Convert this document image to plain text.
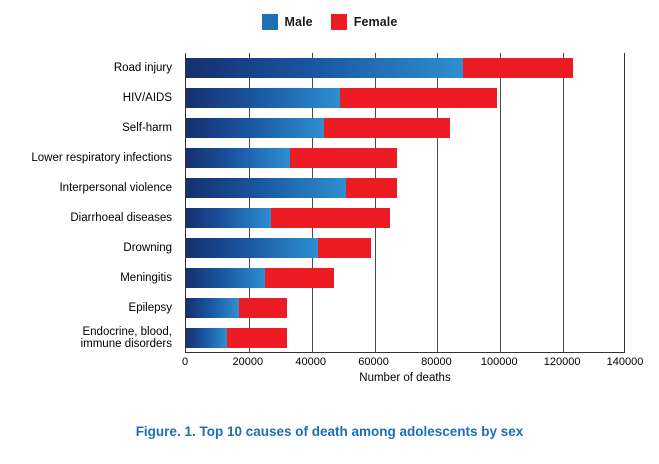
Male	Female
Road injury
HIV/AIDS
Self-harm
Lower respiratory infections
Interpersonal violence
Diarrhoeal diseases
Drowning
Meningitis
Epilepsy
Endocrine, blood,
immune disorders
0	20000	40000	60000	80000	100000 120000 140000
Number of deaths
Figure. 1. Top 10 causes of death among adolescents by sex
